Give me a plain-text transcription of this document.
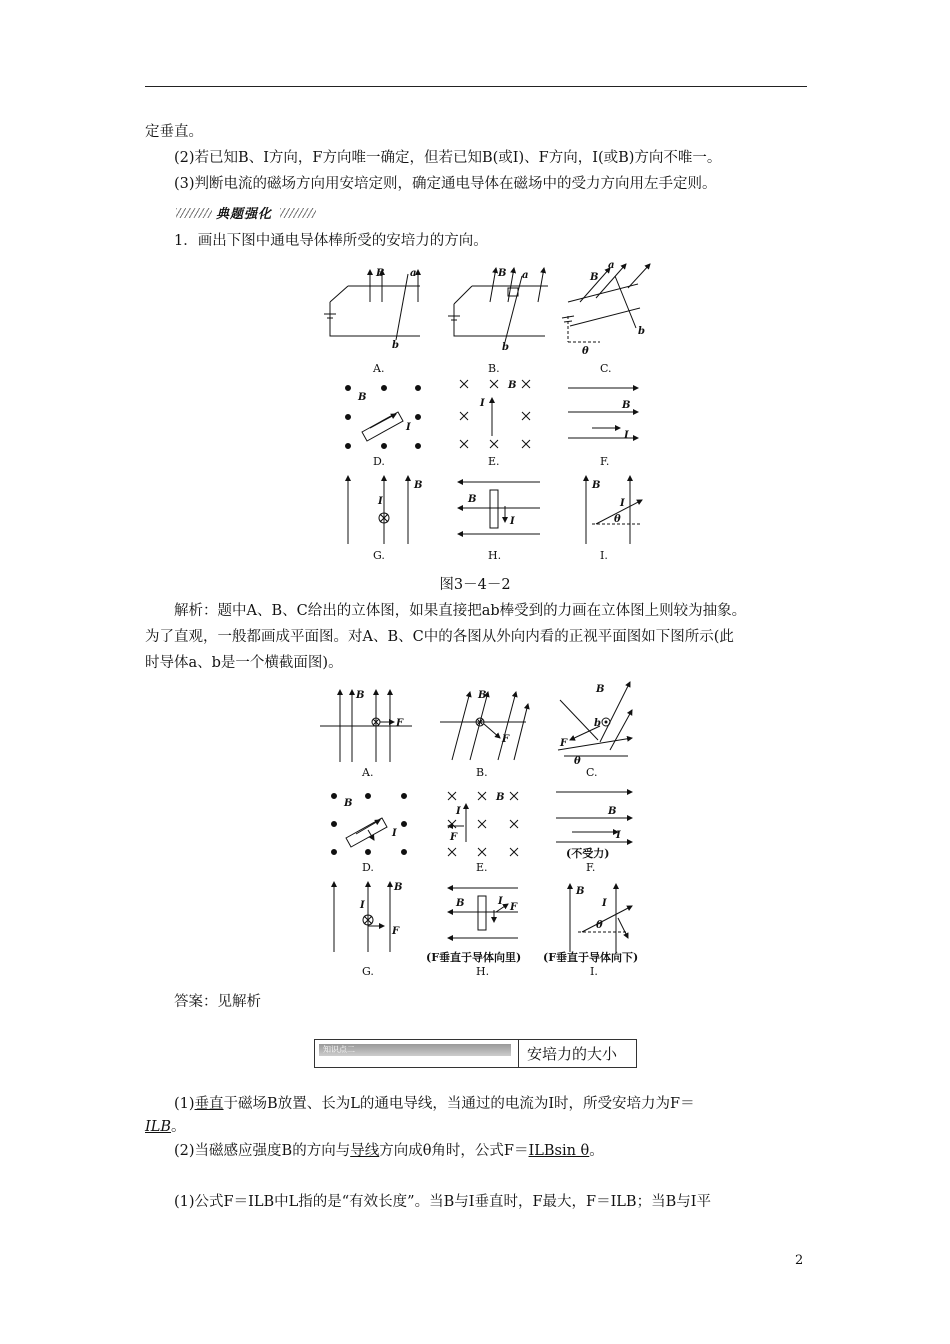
定垂直。
(2)若已知B、I方向，F方向唯一确定，但若已知B(或I)、F方向，I(或B)方向不唯一。
(3)判断电流的磁场方向用安培定则，确定通电导体在磁场中的受力方向用左手定则。
典题强化
1．画出下图中通电导体棒所受的安培力的方向。
B	a
b
B a
b
B
a
b
θ
B
I
B
I	B
I
B
I	B
I
B
I
θ
A.	B.	C.
D.	E.	F.
G.	H.	I.
图3－4－2
解析：题中A、B、C给出的立体图，如果直接把ab棒受到的力画在立体图上则较为抽象。
为了直观，一般都画成平面图。对A、B、C中的各图从外向内看的正视平面图如下图所示(此
时导体a、b是一个横截面图)。
B
F
B
F
B
b
F
θ
B
I
B
I
F
B
I
B
I
F
B	I
F
B
I
θ
A.	B.	C.
D.	E.
(不受力)
F.
G.
(F垂直于导体向里)
H.
(F垂直于导体向下)
I.
答案：见解析
知识点二	安培力的大小
(1)垂直于磁场B放置、长为L的通电导线，当通过的电流为I时，所受安培力为F＝
ILB。
(2)当磁感应强度B的方向与导线方向成θ角时，公式F＝ILBsin θ。
(1)公式F＝ILB中L指的是“有效长度”。当B与I垂直时，F最大，F＝ILB；当B与I平
2
